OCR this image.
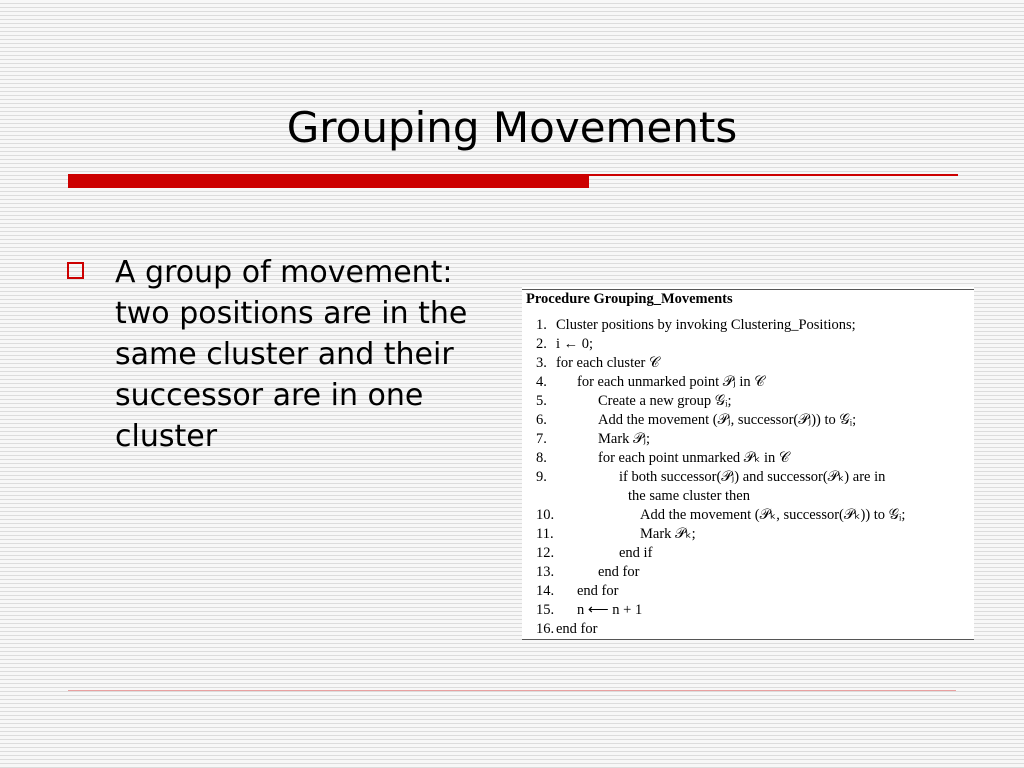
Grouping Movements
A group of movement: two positions are in the same cluster and their successor are in one cluster
Procedure Grouping_Movements
1. Cluster positions by invoking Clustering_Positions;
2. i ← 0;
3. for each cluster 𝒞
4. for each unmarked point 𝒫ⱼ in 𝒞
5.	Create a new group 𝒢ᵢ;
6.	Add the movement (𝒫ⱼ, successor(𝒫ⱼ)) to 𝒢ᵢ;
7.	Mark 𝒫ⱼ;
8.	for each point unmarked 𝒫ₖ in 𝒞
9.	if both successor(𝒫ⱼ) and successor(𝒫ₖ) are in
the same cluster then
10.	Add the movement (𝒫ₖ, successor(𝒫ₖ)) to 𝒢ᵢ;
11.	Mark 𝒫ₖ;
12.	end if
13.	end for
14. end for
15. n ⟵ n + 1
16. end for
